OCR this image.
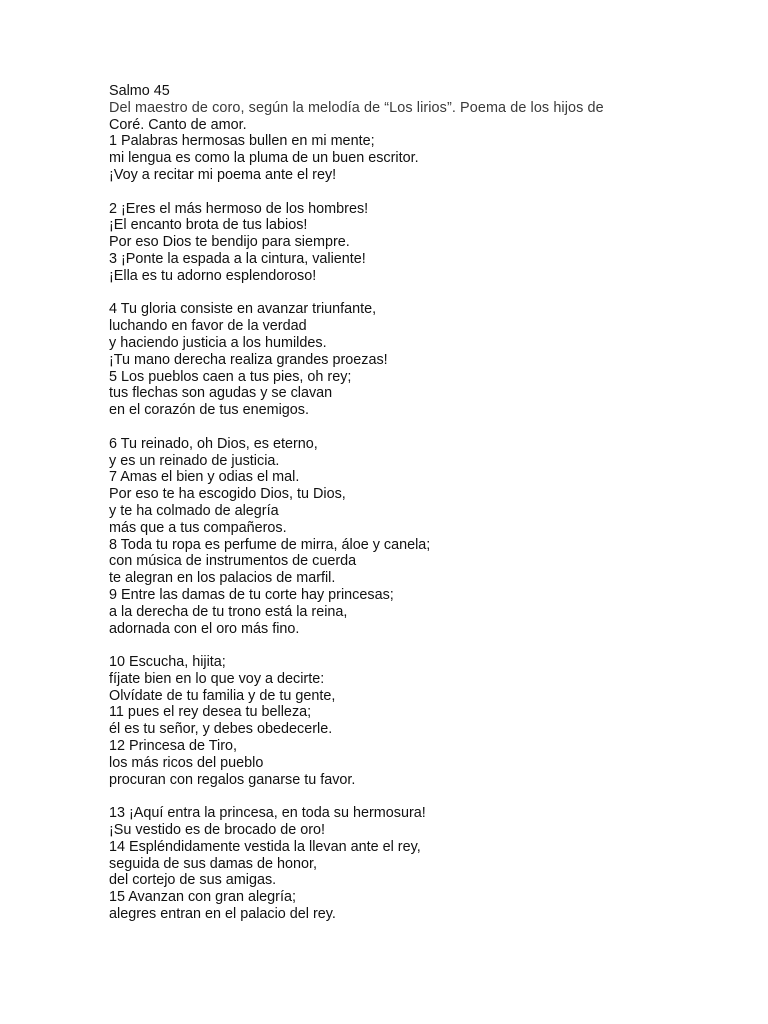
Salmo 45
Del maestro de coro, según la melodía de “Los lirios”. Poema de los hijos de
Coré. Canto de amor.
1 Palabras hermosas bullen en mi mente;
mi lengua es como la pluma de un buen escritor.
¡Voy a recitar mi poema ante el rey!
2 ¡Eres el más hermoso de los hombres!
¡El encanto brota de tus labios!
Por eso Dios te bendijo para siempre.
3 ¡Ponte la espada a la cintura, valiente!
¡Ella es tu adorno esplendoroso!
4 Tu gloria consiste en avanzar triunfante,
luchando en favor de la verdad
y haciendo justicia a los humildes.
¡Tu mano derecha realiza grandes proezas!
5 Los pueblos caen a tus pies, oh rey;
tus flechas son agudas y se clavan
en el corazón de tus enemigos.
6 Tu reinado, oh Dios, es eterno,
y es un reinado de justicia.
7 Amas el bien y odias el mal.
Por eso te ha escogido Dios, tu Dios,
y te ha colmado de alegría
más que a tus compañeros.
8 Toda tu ropa es perfume de mirra, áloe y canela;
con música de instrumentos de cuerda
te alegran en los palacios de marfil.
9 Entre las damas de tu corte hay princesas;
a la derecha de tu trono está la reina,
adornada con el oro más fino.
10 Escucha, hijita;
fíjate bien en lo que voy a decirte:
Olvídate de tu familia y de tu gente,
11 pues el rey desea tu belleza;
él es tu señor, y debes obedecerle.
12 Princesa de Tiro,
los más ricos del pueblo
procuran con regalos ganarse tu favor.
13 ¡Aquí entra la princesa, en toda su hermosura!
¡Su vestido es de brocado de oro!
14 Espléndidamente vestida la llevan ante el rey,
seguida de sus damas de honor,
del cortejo de sus amigas.
15 Avanzan con gran alegría;
alegres entran en el palacio del rey.
